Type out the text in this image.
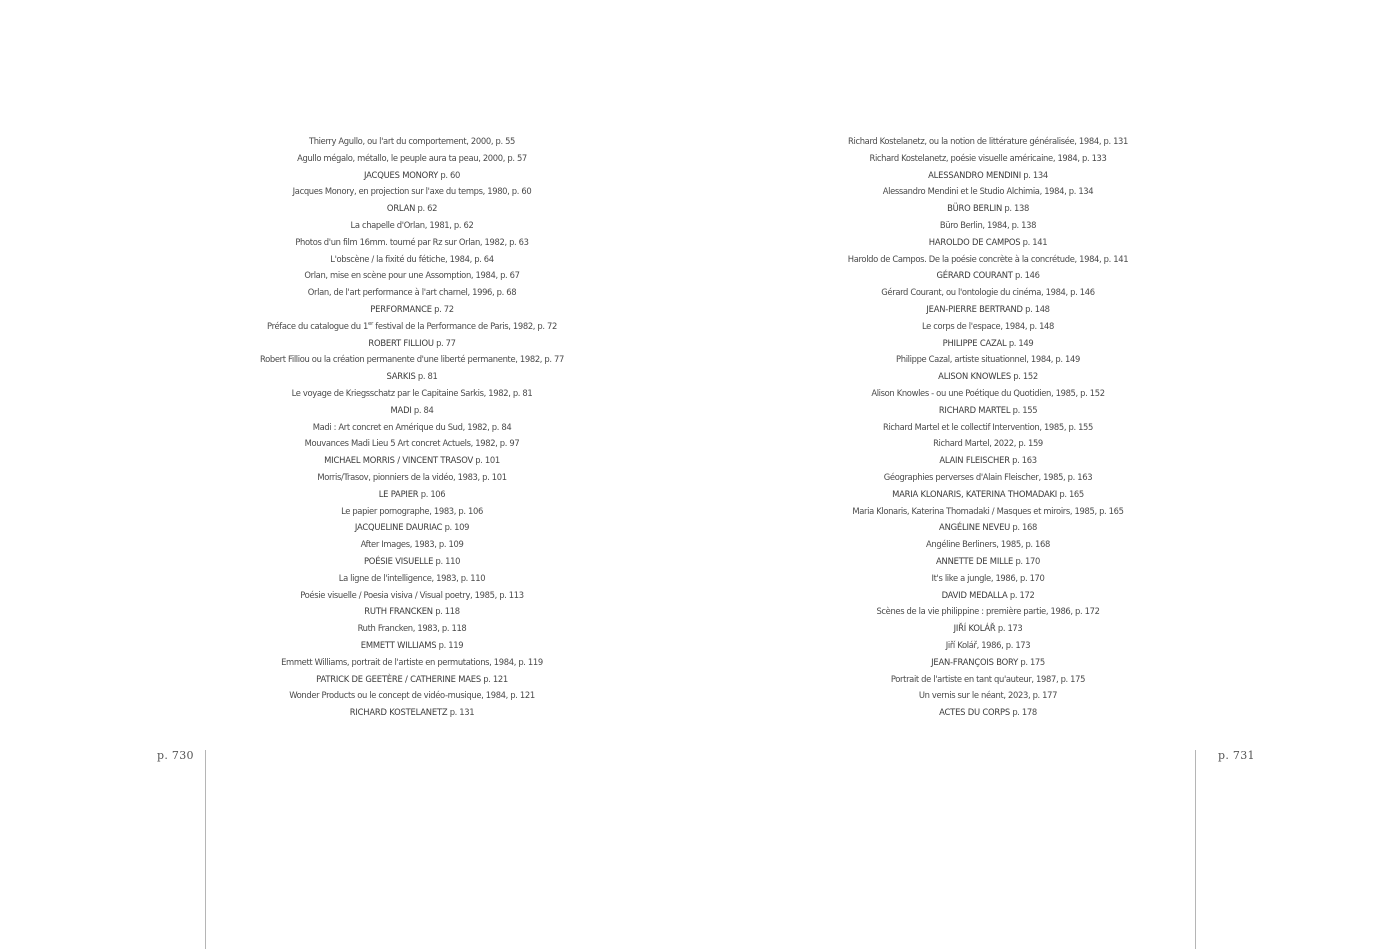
Thierry Agullo, ou l'art du comportement, 2000, p. 55
Agullo mégalo, métallo, le peuple aura ta peau, 2000, p. 57
JACQUES MONORY p. 60
Jacques Monory, en projection sur l'axe du temps, 1980, p. 60
ORLAN p. 62
La chapelle d'Orlan, 1981, p. 62
Photos d'un film 16mm. tourné par Rz sur Orlan, 1982, p. 63
L'obscène / la fixité du fétiche, 1984, p. 64
Orlan, mise en scène pour une Assomption, 1984, p. 67
Orlan, de l'art performance à l'art charnel, 1996, p. 68
PERFORMANCE p. 72
Préface du catalogue du 1er festival de la Performance de Paris, 1982, p. 72
ROBERT FILLIOU p. 77
Robert Filliou ou la création permanente d'une liberté permanente, 1982, p. 77
SARKIS p. 81
Le voyage de Kriegsschatz par le Capitaine Sarkis, 1982, p. 81
MADI p. 84
Madi : Art concret en Amérique du Sud, 1982, p. 84
Mouvances Madi Lieu 5 Art concret Actuels, 1982, p. 97
MICHAEL MORRIS / VINCENT TRASOV p. 101
Morris/Trasov, pionniers de la vidéo, 1983, p. 101
LE PAPIER p. 106
Le papier pornographe, 1983, p. 106
JACQUELINE DAURIAC p. 109
After Images, 1983, p. 109
POÉSIE VISUELLE p. 110
La ligne de l'intelligence, 1983, p. 110
Poésie visuelle / Poesia visiva / Visual poetry, 1985, p. 113
RUTH FRANCKEN p. 118
Ruth Francken, 1983, p. 118
EMMETT WILLIAMS p. 119
Emmett Williams, portrait de l'artiste en permutations, 1984, p. 119
PATRICK DE GEETÈRE / CATHERINE MAES p. 121
Wonder Products ou le concept de vidéo-musique, 1984, p. 121
RICHARD KOSTELANETZ p. 131
Richard Kostelanetz, ou la notion de littérature généralisée, 1984, p. 131
Richard Kostelanetz, poésie visuelle américaine, 1984, p. 133
ALESSANDRO MENDINI p. 134
Alessandro Mendini et le Studio Alchimia, 1984, p. 134
BÜRO BERLIN p. 138
Büro Berlin, 1984, p. 138
HAROLDO DE CAMPOS p. 141
Haroldo de Campos. De la poésie concrète à la concrétude, 1984, p. 141
GÉRARD COURANT p. 146
Gérard Courant, ou l'ontologie du cinéma, 1984, p. 146
JEAN-PIERRE BERTRAND p. 148
Le corps de l'espace, 1984, p. 148
PHILIPPE CAZAL p. 149
Philippe Cazal, artiste situationnel, 1984, p. 149
ALISON KNOWLES p. 152
Alison Knowles - ou une Poétique du Quotidien, 1985, p. 152
RICHARD MARTEL p. 155
Richard Martel et le collectif Intervention, 1985, p. 155
Richard Martel, 2022, p. 159
ALAIN FLEISCHER p. 163
Géographies perverses d'Alain Fleischer, 1985, p. 163
MARIA KLONARIS, KATERINA THOMADAKI p. 165
Maria Klonaris, Katerina Thomadaki / Masques et miroirs, 1985, p. 165
ANGÉLINE NEVEU p. 168
Angéline Berliners, 1985, p. 168
ANNETTE DE MILLE p. 170
It's like a jungle, 1986, p. 170
DAVID MEDALLA p. 172
Scènes de la vie philippine : première partie, 1986, p. 172
JIŘÍ KOLÁŘ p. 173
Jiří Kolář, 1986, p. 173
JEAN-FRANÇOIS BORY p. 175
Portrait de l'artiste en tant qu'auteur, 1987, p. 175
Un vernis sur le néant, 2023, p. 177
ACTES DU CORPS p. 178
p. 730	p. 731
